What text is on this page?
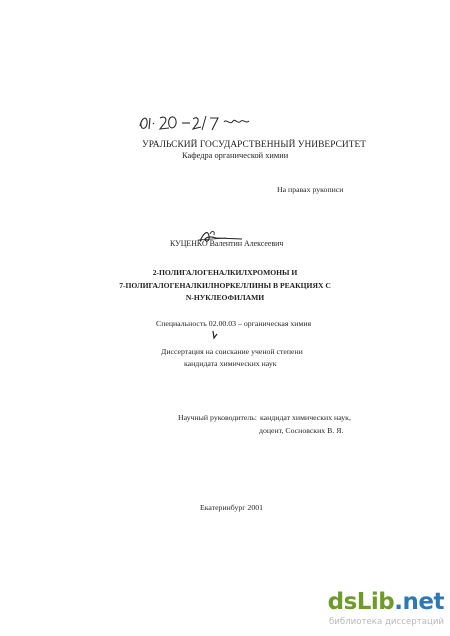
УРАЛЬСКИЙ ГОСУДАРСТВЕННЫЙ УНИВЕРСИТЕТ
Кафедра органической химии
На правах рукописи
КУЦЕНКО Валентин Алексеевич
2-ПОЛИГАЛОГЕНАЛКИЛХРОМОНЫ И
7-ПОЛИГАЛОГЕНАЛКИЛНОРКЕЛЛИНЫ В РЕАКЦИЯХ С
N-НУКЛЕОФИЛАМИ
Специальность 02.00.03 – органическая химия
Диссертация на соискание ученой степени
кандидата химических наук
Научный руководитель: кандидат химических наук,
доцент, Сосновских В. Я.
Екатеринбург 2001
dsLib.net
библиотека диссертаций
